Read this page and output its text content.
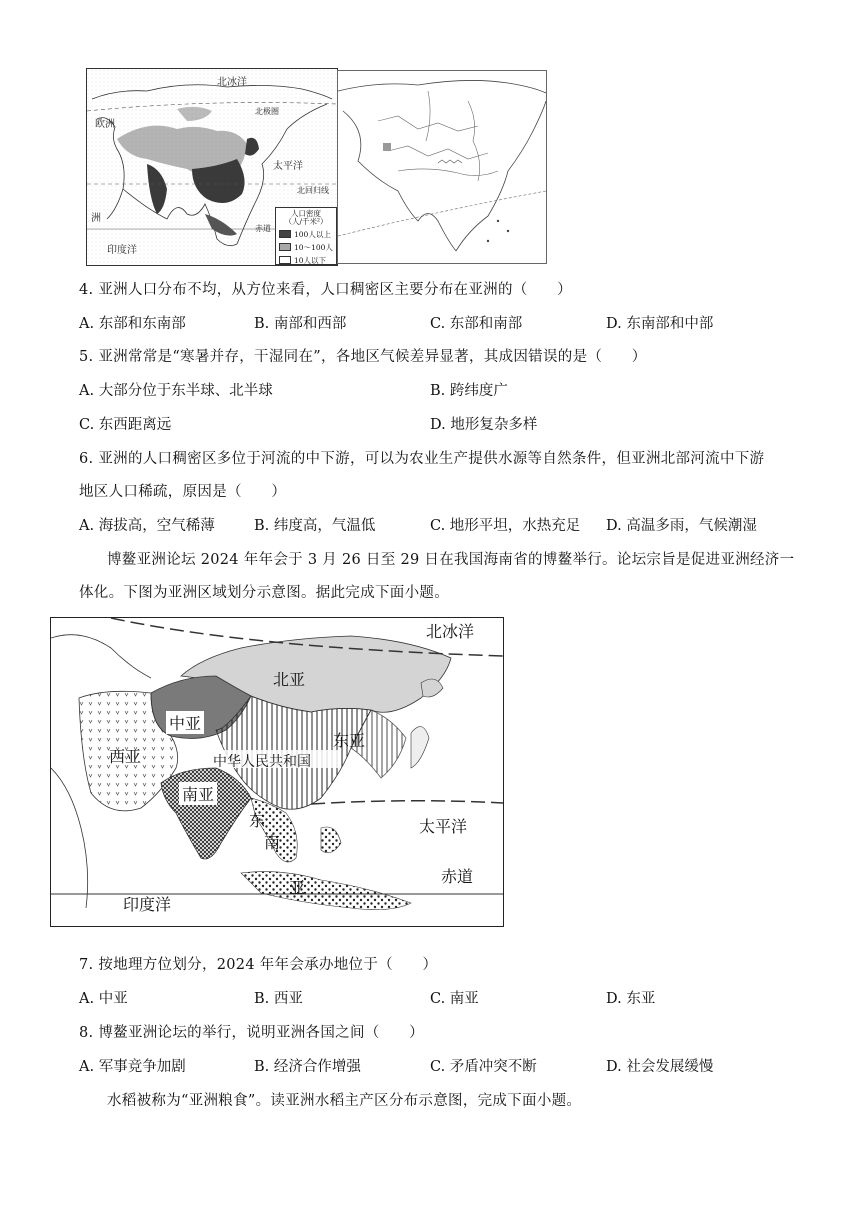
北冰洋
欧洲
太平洋
北回归线
北极圈
印度洋
赤道
洲	人口密度
（人/千米²）
100人以上
10～100人
10人以下
4. 亚洲人口分布不均，从方位来看，人口稠密区主要分布在亚洲的（　　）
A. 东部和东南部	B. 南部和西部	C. 东部和南部	D. 东南部和中部
5. 亚洲常常是“寒暑并存，干湿同在”，各地区气候差异显著，其成因错误的是（　　）
A. 大部分位于东半球、北半球	B. 跨纬度广
C. 东西距离远	D. 地形复杂多样
6. 亚洲的人口稠密区多位于河流的中下游，可以为农业生产提供水源等自然条件，但亚洲北部河流中下游
地区人口稀疏，原因是（　　）
A. 海拔高，空气稀薄	B. 纬度高，气温低	C. 地形平坦，水热充足 D. 高温多雨，气候潮湿
博鳌亚洲论坛 2024 年年会于 3 月 26 日至 29 日在我国海南省的博鳌举行。论坛宗旨是促进亚洲经济一
体化。下图为亚洲区域划分示意图。据此完成下面小题。
北冰洋
北亚
中亚
西亚
东亚
中华人民共和国
南亚
东
南
亚
太平洋
赤道
印度洋
7. 按地理方位划分，2024 年年会承办地位于（　　）
A. 中亚	B. 西亚	C. 南亚	D. 东亚
8. 博鳌亚洲论坛的举行，说明亚洲各国之间（　　）
A. 军事竞争加剧	B. 经济合作增强	C. 矛盾冲突不断	D. 社会发展缓慢
水稻被称为“亚洲粮食”。读亚洲水稻主产区分布示意图，完成下面小题。
